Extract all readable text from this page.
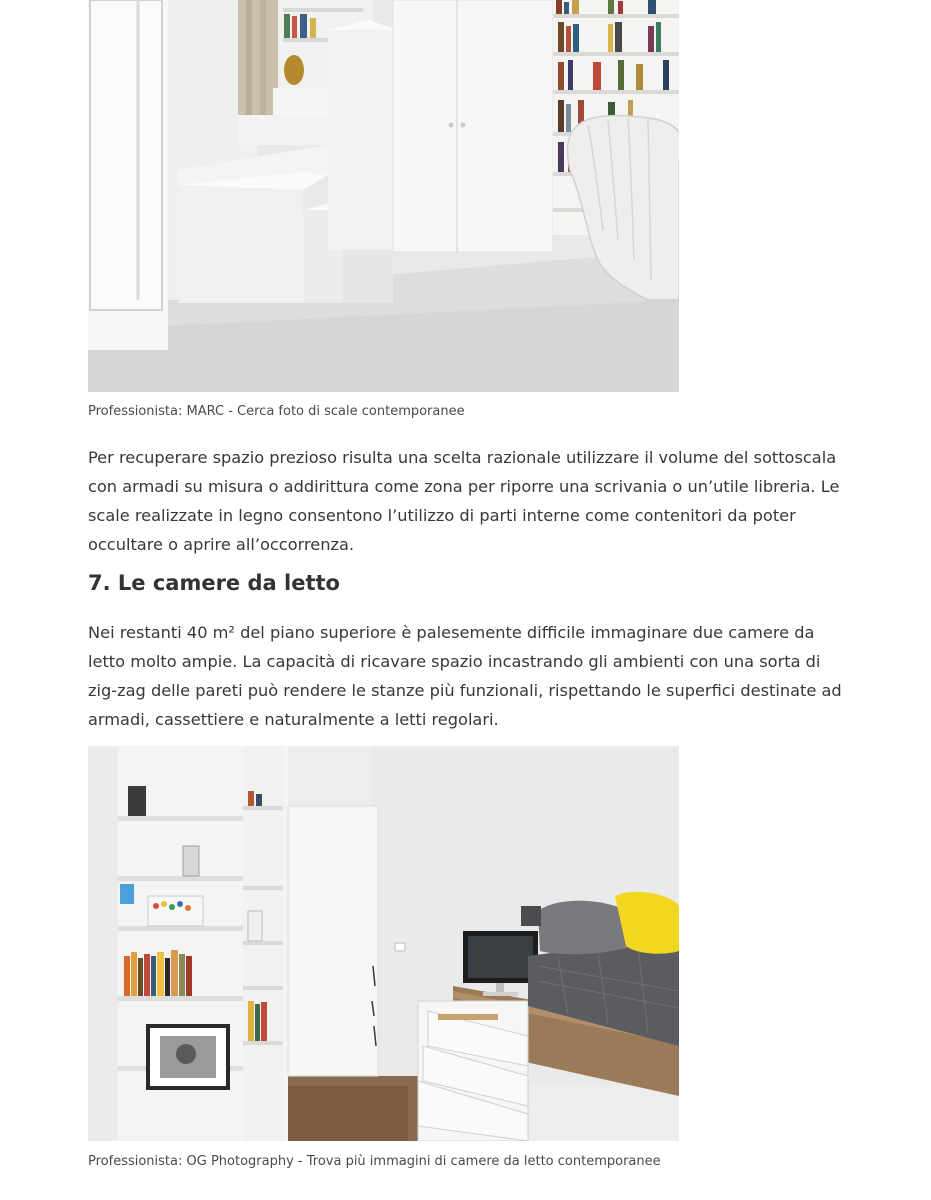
Professionista: MARC - Cerca foto di scale contemporanee

Per recuperare spazio prezioso risulta una scelta razionale utilizzare il volume del sottoscala con armadi su misura o addirittura come zona per riporre una scrivania o un’utile libreria. Le scale realizzate in legno consentono l’utilizzo di parti interne come contenitori da poter occultare o aprire all’occorrenza.

7. Le camere da letto

Nei restanti 40 m² del piano superiore è palesemente difficile immaginare due camere da letto molto ampie. La capacità di ricavare spazio incastrando gli ambienti con una sorta di zig-zag delle pareti può rendere le stanze più funzionali, rispettando le superfici destinate ad armadi, cassettiere e naturalmente a letti regolari.

Professionista: OG Photography - Trova più immagini di camere da letto contemporanee
